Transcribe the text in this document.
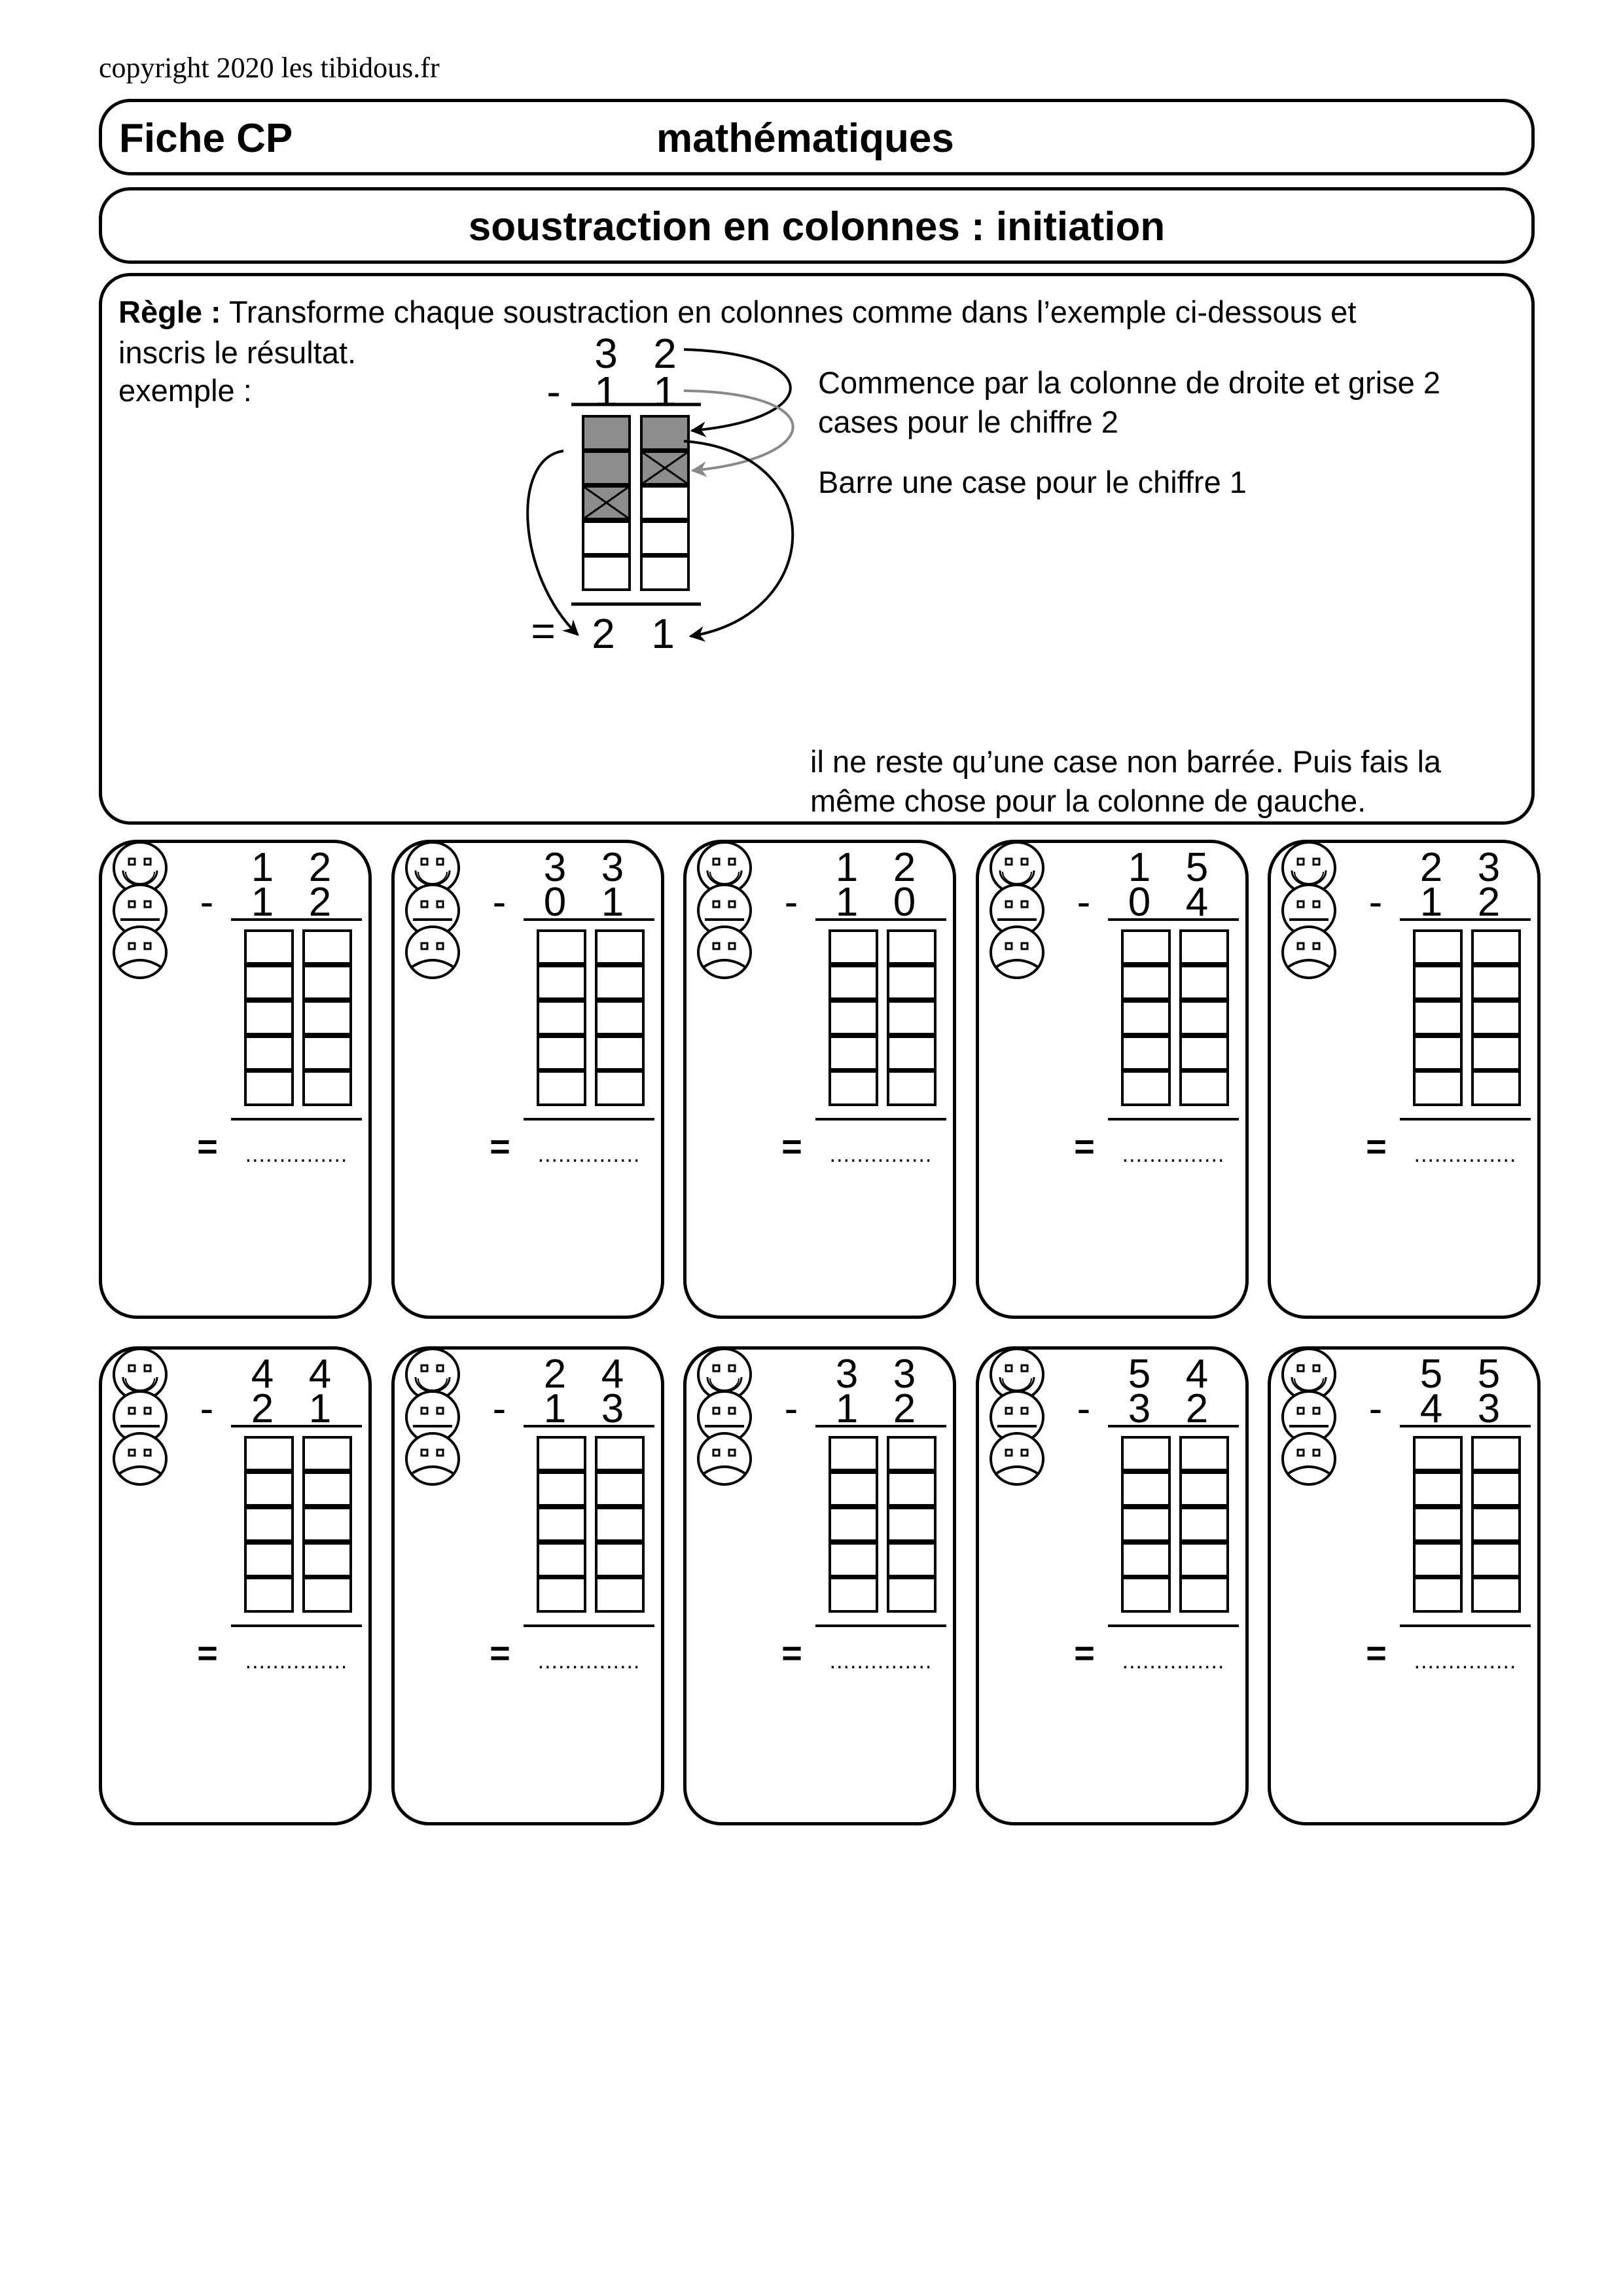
copyright 2020 les tibidous.fr
Fiche CP	mathématiques
soustraction en colonnes : initiation
Règle : Transforme chaque soustraction en colonnes comme dans l’exemple ci-dessous et
inscris le résultat.
exemple :	Commence par la colonne de droite et grise 2
cases pour le chiffre 2
Barre une case pour le chiffre 1
il ne reste qu’une case non barrée. Puis fais la
même chose pour la colonne de gauche.
3 2
- 1 1
= 2 1
1 2
- 1 2
= ...............
3 3
- 0 1
= ...............
1 2
- 1 0
= ...............
1 5
- 0 4
= ...............
2 3
- 1 2
= ...............
4 4
- 2 1
= ...............
2 4
- 1 3
= ...............
3 3
- 1 2
= ...............
5 4
- 3 2
= ...............
5 5
- 4 3
= ...............
